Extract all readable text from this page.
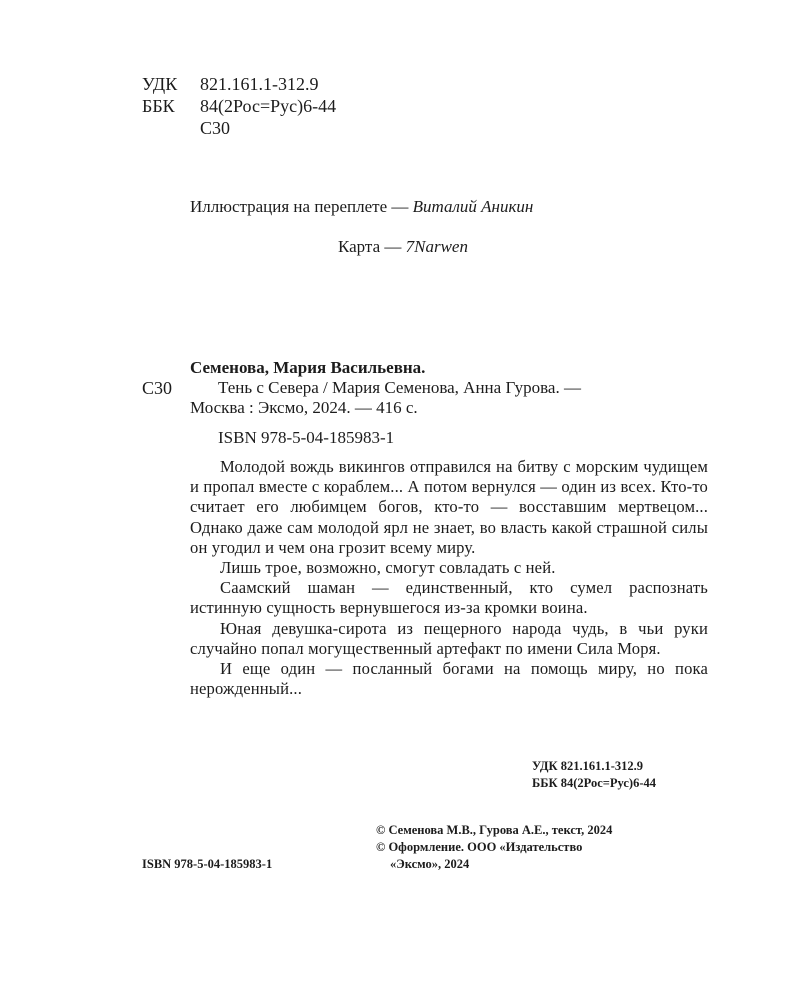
УДК 821.161.1-312.9
ББК 84(2Рос=Рус)6-44
С30
Иллюстрация на переплете — Виталий Аникин
Карта — 7Narwen
Семенова, Мария Васильевна.
С30	Тень с Севера / Мария Семенова, Анна Гурова. —
Москва : Эксмо, 2024. — 416 с.
ISBN 978-5-04-185983-1

Молодой вождь викингов отправился на битву с морским чудищем и пропал вместе с кораблем... А потом вернулся — один из всех. Кто-то считает его любимцем богов, кто-то — восставшим мертвецом... Однако даже сам молодой ярл не знает, во власть какой страшной силы он угодил и чем она грозит всему миру.

Лишь трое, возможно, смогут совладать с ней.

Саамский шаман — единственный, кто сумел распознать истинную сущность вернувшегося из-за кромки воина.

Юная девушка-сирота из пещерного народа чудь, в чьи руки случайно попал могущественный артефакт по имени Сила Моря.

И еще один — посланный богами на помощь миру, но пока нерожденный...

УДК 821.161.1-312.9
ББК 84(2Рос=Рус)6-44
© Семенова М.В., Гурова А.Е., текст, 2024
© Оформление. ООО «Издательство
«Эксмо», 2024
ISBN 978-5-04-185983-1
